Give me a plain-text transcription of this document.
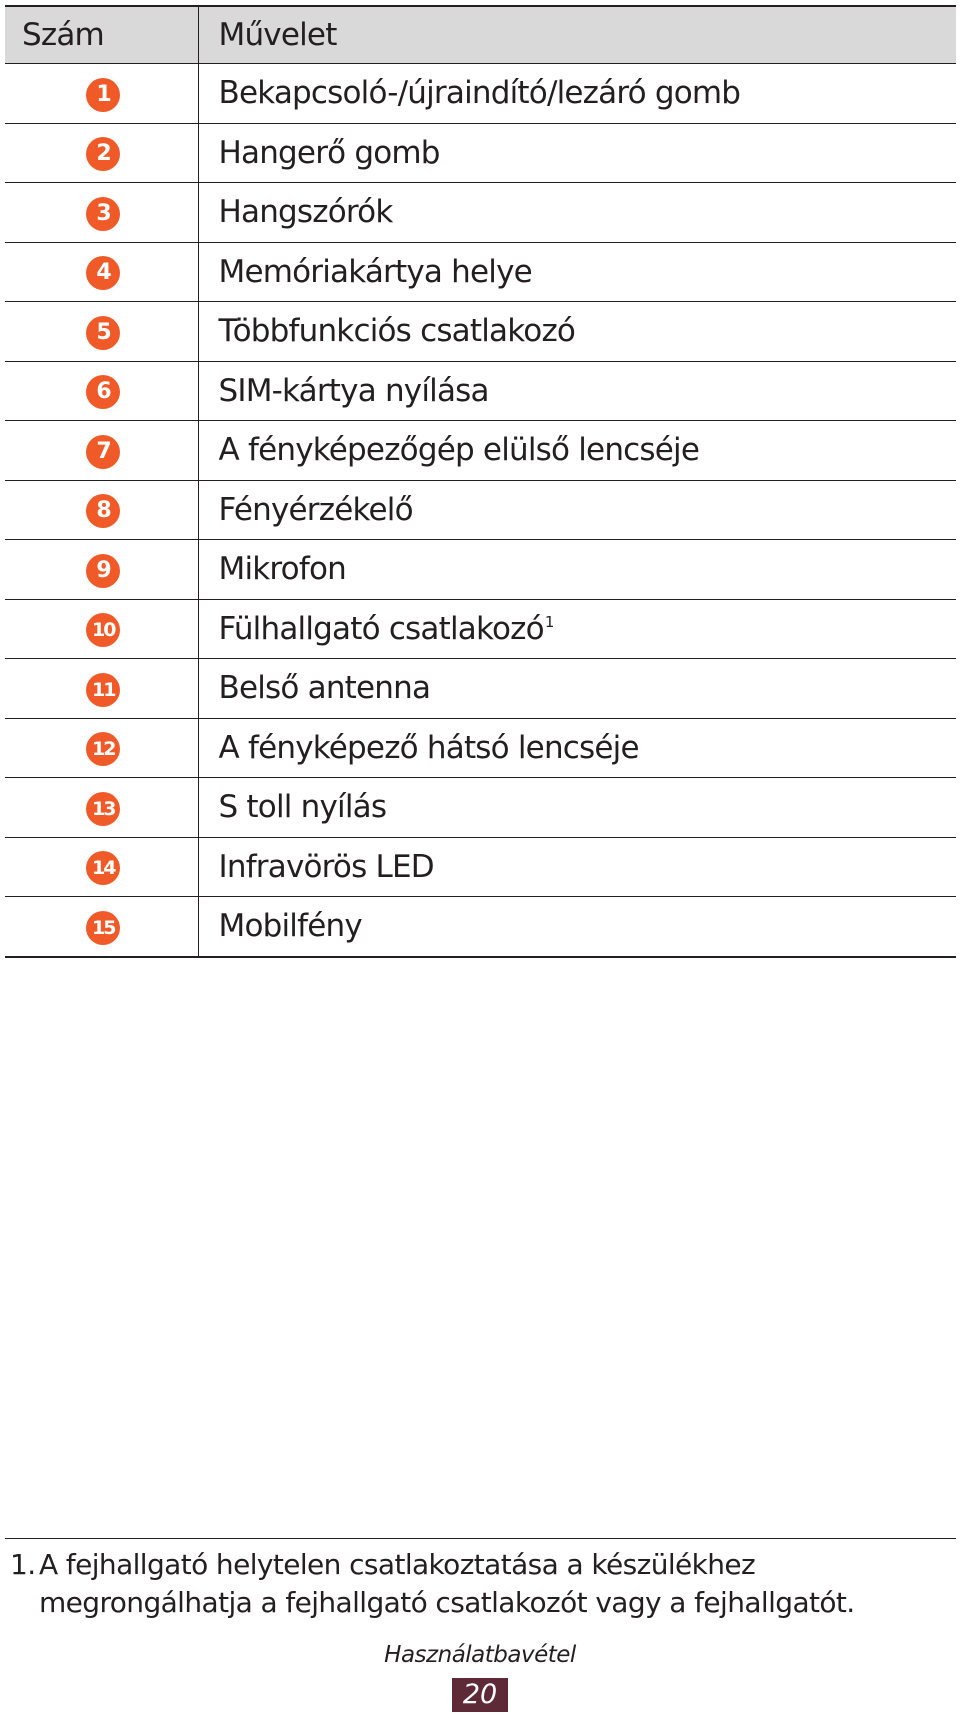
Szám	Művelet
1	Bekapcsoló-/újraindító/lezáró gomb
2	Hangerő gomb
3	Hangszórók
4	Memóriakártya helye
5	Többfunkciós csatlakozó
6	SIM-kártya nyílása
7	A fényképezőgép elülső lencséje
8	Fényérzékelő
9	Mikrofon
10	Fülhallgató csatlakozó$^1$
11	Belső antenna
12	A fényképező hátsó lencséje
13	S toll nyílás
14	Infravörös LED
15	Mobilfény

1. A fejhallgató helytelen csatlakoztatása a készülékhez megrongálhatja a fejhallgató csatlakozót vagy a fejhallgatót.

Használatbavétel
20
